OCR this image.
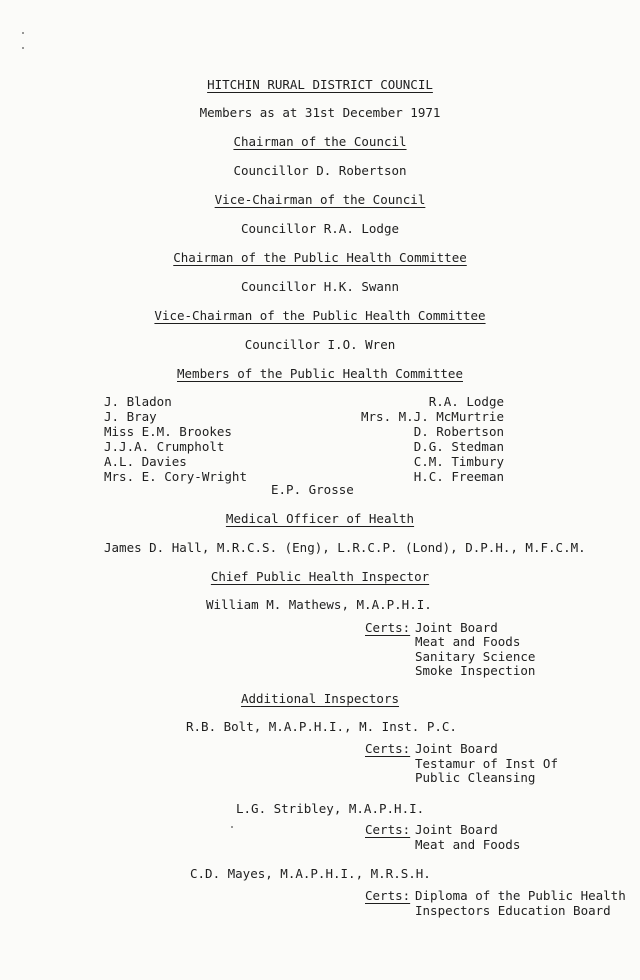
HITCHIN RURAL DISTRICT COUNCIL
Members as at 31st December 1971
Chairman of the Council
Councillor D. Robertson
Vice-Chairman of the Council
Councillor R.A. Lodge
Chairman of the Public Health Committee
Councillor H.K. Swann
Vice-Chairman of the Public Health Committee
Councillor I.O. Wren
Members of the Public Health Committee
J. Bladon
J. Bray
Miss E.M. Brookes
J.J.A. Crumpholt
A.L. Davies
Mrs. E. Cory-Wright
R.A. Lodge
Mrs. M.J. McMurtrie
D. Robertson
D.G. Stedman
C.M. Timbury
H.C. Freeman
E.P. Grosse
Medical Officer of Health
James D. Hall, M.R.C.S. (Eng), L.R.C.P. (Lond), D.P.H., M.F.C.M.
Chief Public Health Inspector
William M. Mathews, M.A.P.H.I.
Certs: Joint Board
Meat and Foods
Sanitary Science
Smoke Inspection
Additional Inspectors
R.B. Bolt, M.A.P.H.I., M. Inst. P.C.
Certs: Joint Board
Testamur of Inst Of
Public Cleansing
L.G. Stribley, M.A.P.H.I.
Certs: Joint Board
Meat and Foods
C.D. Mayes, M.A.P.H.I., M.R.S.H.
Certs: Diploma of the Public Health
Inspectors Education Board
